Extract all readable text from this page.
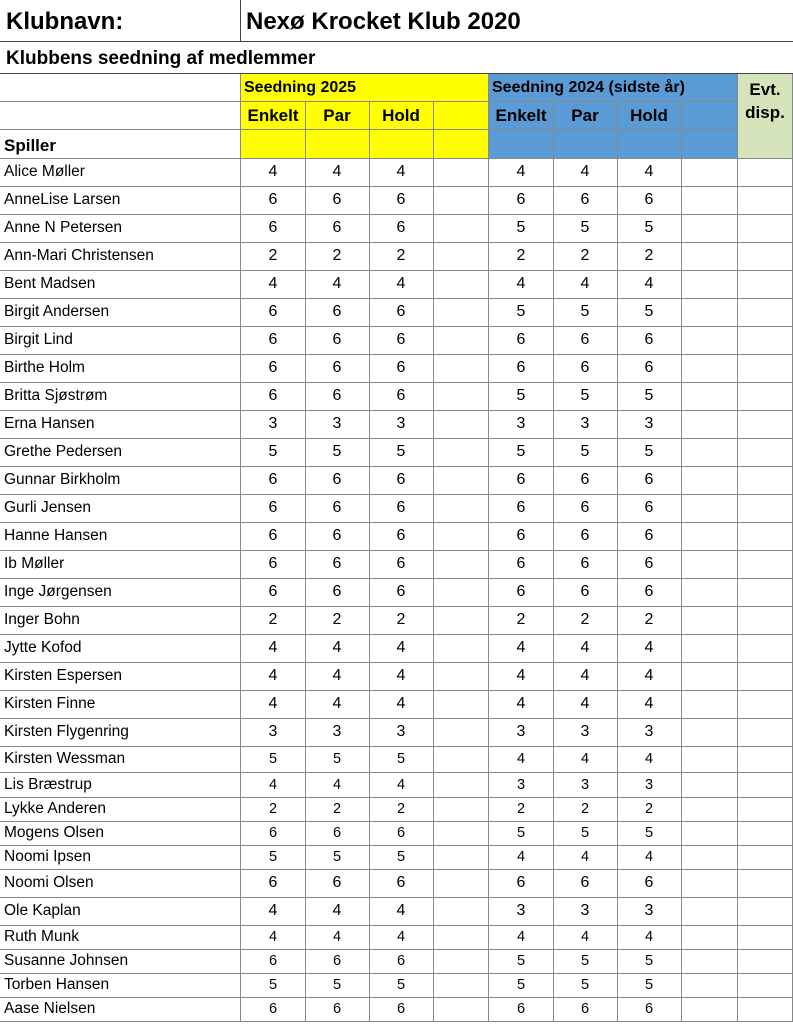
Klubnavn:	Nexø Krocket Klub 2020
Klubbens seedning af medlemmer
Seedning 2025	Seedning 2024 (sidste år)	Evt. disp.
Enkelt	Par	Hold	Enkelt	Par	Hold
Spiller
Alice Møller	4	4	4	4	4	4
AnneLise Larsen	6	6	6	6	6	6
Anne N Petersen	6	6	6	5	5	5
Ann-Mari Christensen	2	2	2	2	2	2
Bent Madsen	4	4	4	4	4	4
Birgit Andersen	6	6	6	5	5	5
Birgit Lind	6	6	6	6	6	6
Birthe Holm	6	6	6	6	6	6
Britta Sjøstrøm	6	6	6	5	5	5
Erna Hansen	3	3	3	3	3	3
Grethe Pedersen	5	5	5	5	5	5
Gunnar Birkholm	6	6	6	6	6	6
Gurli Jensen	6	6	6	6	6	6
Hanne Hansen	6	6	6	6	6	6
Ib Møller	6	6	6	6	6	6
Inge Jørgensen	6	6	6	6	6	6
Inger Bohn	2	2	2	2	2	2
Jytte Kofod	4	4	4	4	4	4
Kirsten Espersen	4	4	4	4	4	4
Kirsten Finne	4	4	4	4	4	4
Kirsten Flygenring	3	3	3	3	3	3
Kirsten Wessman	5	5	5	4	4	4
Lis Bræstrup	4	4	4	3	3	3
Lykke Anderen	2	2	2	2	2	2
Mogens Olsen	6	6	6	5	5	5
Noomi Ipsen	5	5	5	4	4	4
Noomi Olsen	6	6	6	6	6	6
Ole Kaplan	4	4	4	3	3	3
Ruth Munk	4	4	4	4	4	4
Susanne Johnsen	6	6	6	5	5	5
Torben Hansen	5	5	5	5	5	5
Aase Nielsen	6	6	6	6	6	6
